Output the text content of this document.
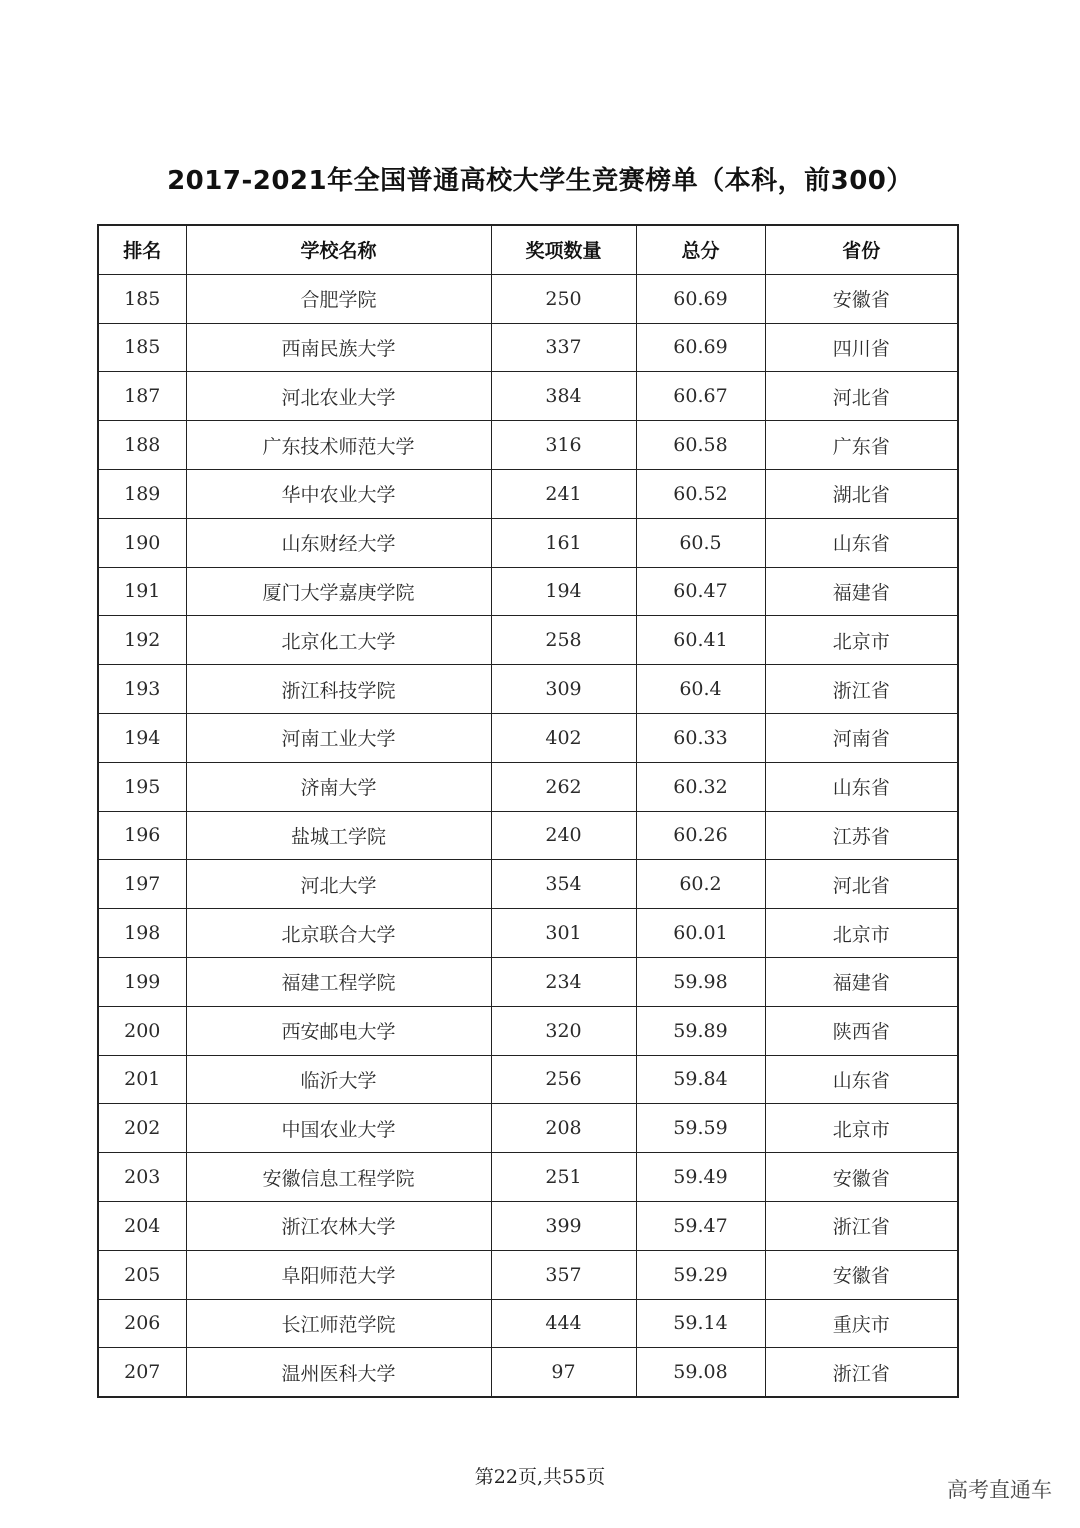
2017-2021年全国普通高校大学生竞赛榜单（本科，前300）
排名	学校名称	奖项数量	总分	省份
185	合肥学院	250	60.69	安徽省
185	西南民族大学	337	60.69	四川省
187	河北农业大学	384	60.67	河北省
188	广东技术师范大学	316	60.58	广东省
189	华中农业大学	241	60.52	湖北省
190	山东财经大学	161	60.5	山东省
191	厦门大学嘉庚学院	194	60.47	福建省
192	北京化工大学	258	60.41	北京市
193	浙江科技学院	309	60.4	浙江省
194	河南工业大学	402	60.33	河南省
195	济南大学	262	60.32	山东省
196	盐城工学院	240	60.26	江苏省
197	河北大学	354	60.2	河北省
198	北京联合大学	301	60.01	北京市
199	福建工程学院	234	59.98	福建省
200	西安邮电大学	320	59.89	陕西省
201	临沂大学	256	59.84	山东省
202	中国农业大学	208	59.59	北京市
203	安徽信息工程学院	251	59.49	安徽省
204	浙江农林大学	399	59.47	浙江省
205	阜阳师范大学	357	59.29	安徽省
206	长江师范学院	444	59.14	重庆市
207	温州医科大学	97	59.08	浙江省
第22页,共55页
高考直通车
